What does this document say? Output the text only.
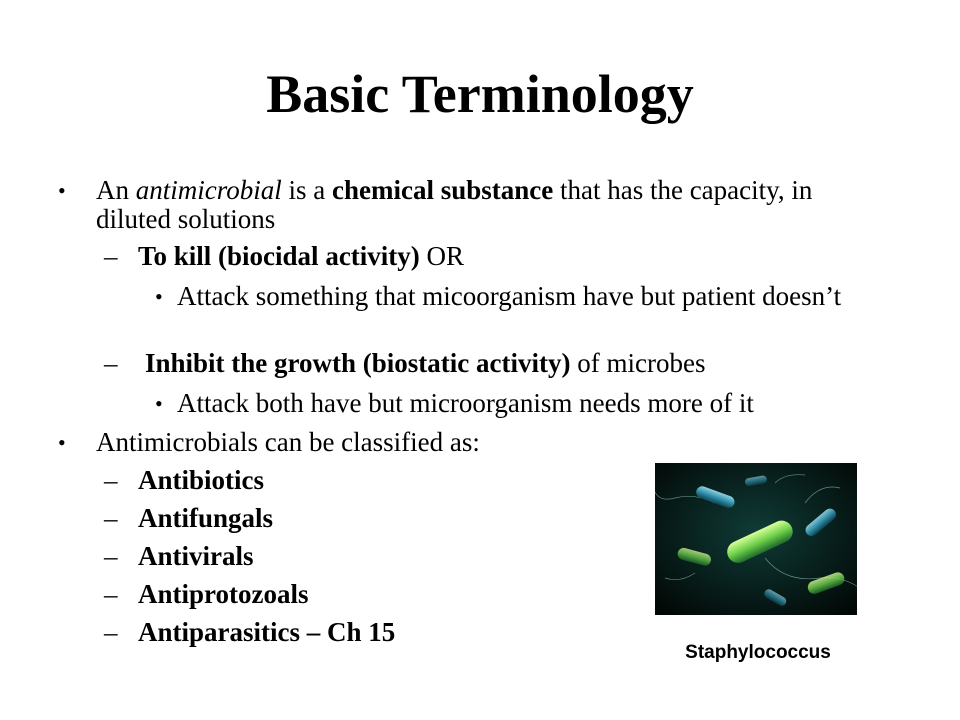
Basic Terminology
• An antimicrobial is a chemical substance that has the capacity, in diluted solutions
– To kill (biocidal activity) OR
• Attack something that micoorganism have but patient doesn’t
– Inhibit the growth (biostatic activity) of microbes
• Attack both have but microorganism needs more of it
• Antimicrobials can be classified as:
– Antibiotics
– Antifungals
– Antivirals
– Antiprotozoals
– Antiparasitics – Ch 15
Staphylococcus
